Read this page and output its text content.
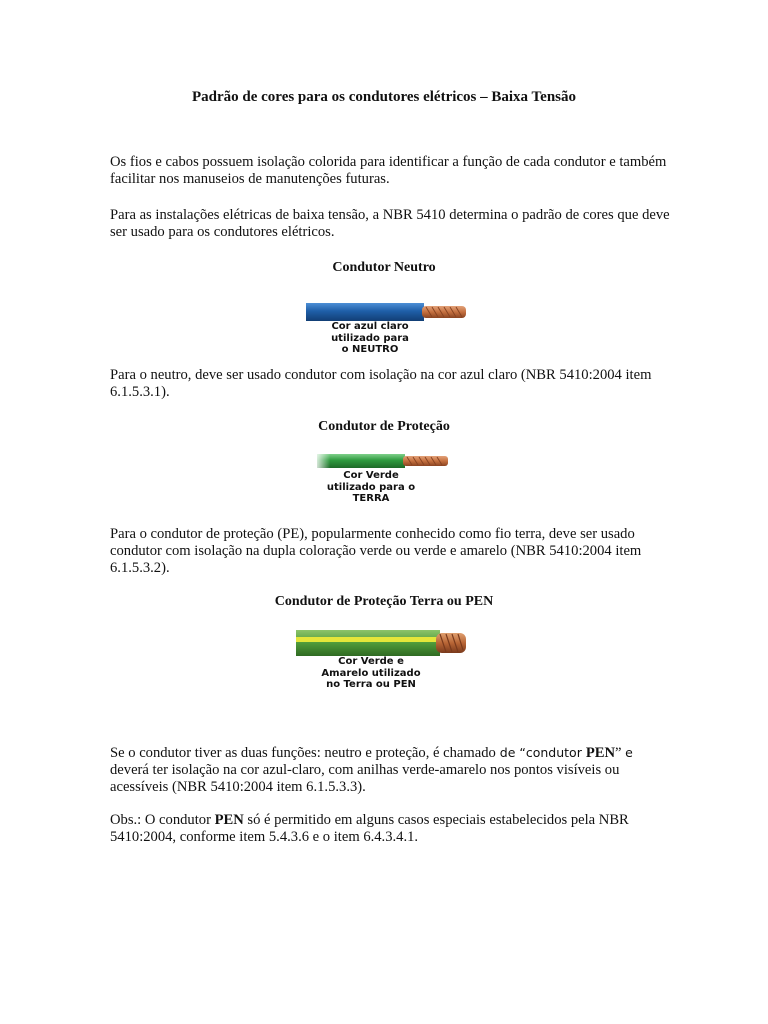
Padrão de cores para os condutores elétricos – Baixa Tensão

Os fios e cabos possuem isolação colorida para identificar a função de cada condutor e também facilitar nos manuseios de manutenções futuras.

Para as instalações elétricas de baixa tensão, a NBR 5410 determina o padrão de cores que deve ser usado para os condutores elétricos.

Condutor Neutro
Cor azul claro
utilizado para
o NEUTRO

Para o neutro, deve ser usado condutor com isolação na cor azul claro (NBR 5410:2004 item 6.1.5.3.1).

Condutor de Proteção
Cor Verde
utilizado para o
TERRA

Para o condutor de proteção (PE), popularmente conhecido como fio terra, deve ser usado condutor com isolação na dupla coloração verde ou verde e amarelo (NBR 5410:2004 item 6.1.5.3.2).

Condutor de Proteção Terra ou PEN
Cor Verde e
Amarelo utilizado
no Terra ou PEN

Se o condutor tiver as duas funções: neutro e proteção, é chamado de “condutor PEN” e deverá ter isolação na cor azul-claro, com anilhas verde-amarelo nos pontos visíveis ou acessíveis (NBR 5410:2004 item 6.1.5.3.3).

Obs.: O condutor PEN só é permitido em alguns casos especiais estabelecidos pela NBR 5410:2004, conforme item 5.4.3.6 e o item 6.4.3.4.1.
